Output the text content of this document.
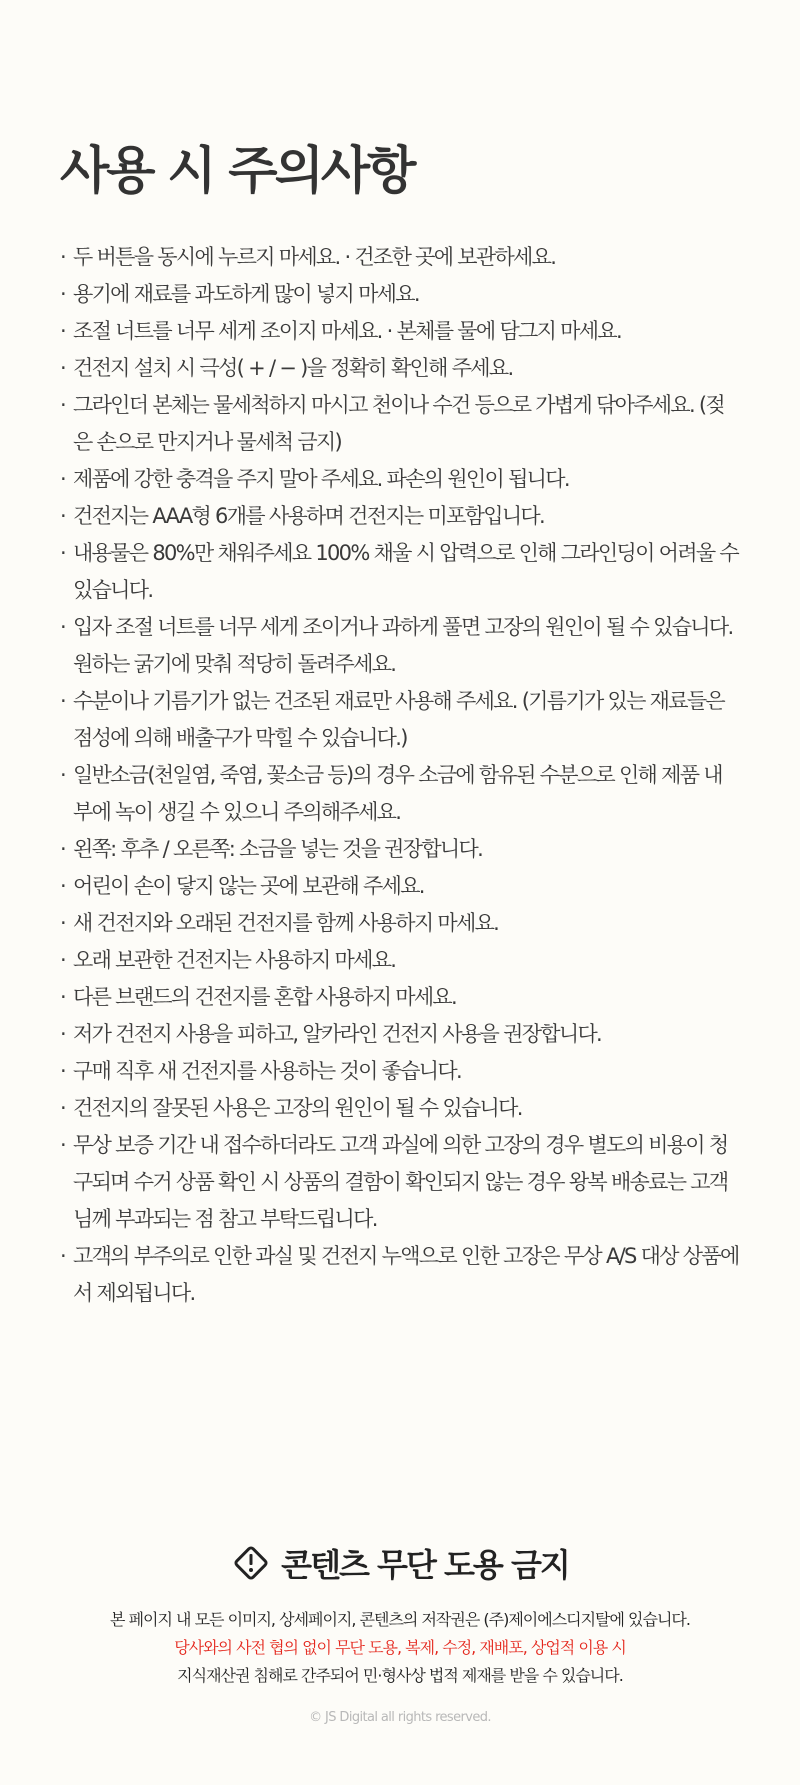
사용 시 주의사항
· 두 버튼을 동시에 누르지 마세요. · 건조한 곳에 보관하세요.
· 용기에 재료를 과도하게 많이 넣지 마세요.
· 조절 너트를 너무 세게 조이지 마세요. · 본체를 물에 담그지 마세요.
· 건전지 설치 시 극성( + / − )을 정확히 확인해 주세요.
· 그라인더 본체는 물세척하지 마시고 천이나 수건 등으로 가볍게 닦아주세요. (젖은 손으로 만지거나 물세척 금지)
· 제품에 강한 충격을 주지 말아 주세요. 파손의 원인이 됩니다.
· 건전지는 AAA형 6개를 사용하며 건전지는 미포함입니다.
· 내용물은 80%만 채워주세요 100% 채울 시 압력으로 인해 그라인딩이 어려울 수 있습니다.
· 입자 조절 너트를 너무 세게 조이거나 과하게 풀면 고장의 원인이 될 수 있습니다. 원하는 굵기에 맞춰 적당히 돌려주세요.
· 수분이나 기름기가 없는 건조된 재료만 사용해 주세요. (기름기가 있는 재료들은 점성에 의해 배출구가 막힐 수 있습니다.)
· 일반소금(천일염, 죽염, 꽃소금 등)의 경우 소금에 함유된 수분으로 인해 제품 내부에 녹이 생길 수 있으니 주의해주세요.
· 왼쪽: 후추 / 오른쪽: 소금을 넣는 것을 권장합니다.
· 어린이 손이 닿지 않는 곳에 보관해 주세요.
· 새 건전지와 오래된 건전지를 함께 사용하지 마세요.
· 오래 보관한 건전지는 사용하지 마세요.
· 다른 브랜드의 건전지를 혼합 사용하지 마세요.
· 저가 건전지 사용을 피하고, 알카라인 건전지 사용을 권장합니다.
· 구매 직후 새 건전지를 사용하는 것이 좋습니다.
· 건전지의 잘못된 사용은 고장의 원인이 될 수 있습니다.
· 무상 보증 기간 내 접수하더라도 고객 과실에 의한 고장의 경우 별도의 비용이 청구되며 수거 상품 확인 시 상품의 결함이 확인되지 않는 경우 왕복 배송료는 고객님께 부과되는 점 참고 부탁드립니다.
· 고객의 부주의로 인한 과실 및 건전지 누액으로 인한 고장은 무상 A/S 대상 상품에서 제외됩니다.
콘텐츠 무단 도용 금지

본 페이지 내 모든 이미지, 상세페이지, 콘텐츠의 저작권은 (주)제이에스디지탈에 있습니다.

당사와의 사전 협의 없이 무단 도용, 복제, 수정, 재배포, 상업적 이용 시

지식재산권 침해로 간주되어 민·형사상 법적 제재를 받을 수 있습니다.

© JS Digital all rights reserved.
